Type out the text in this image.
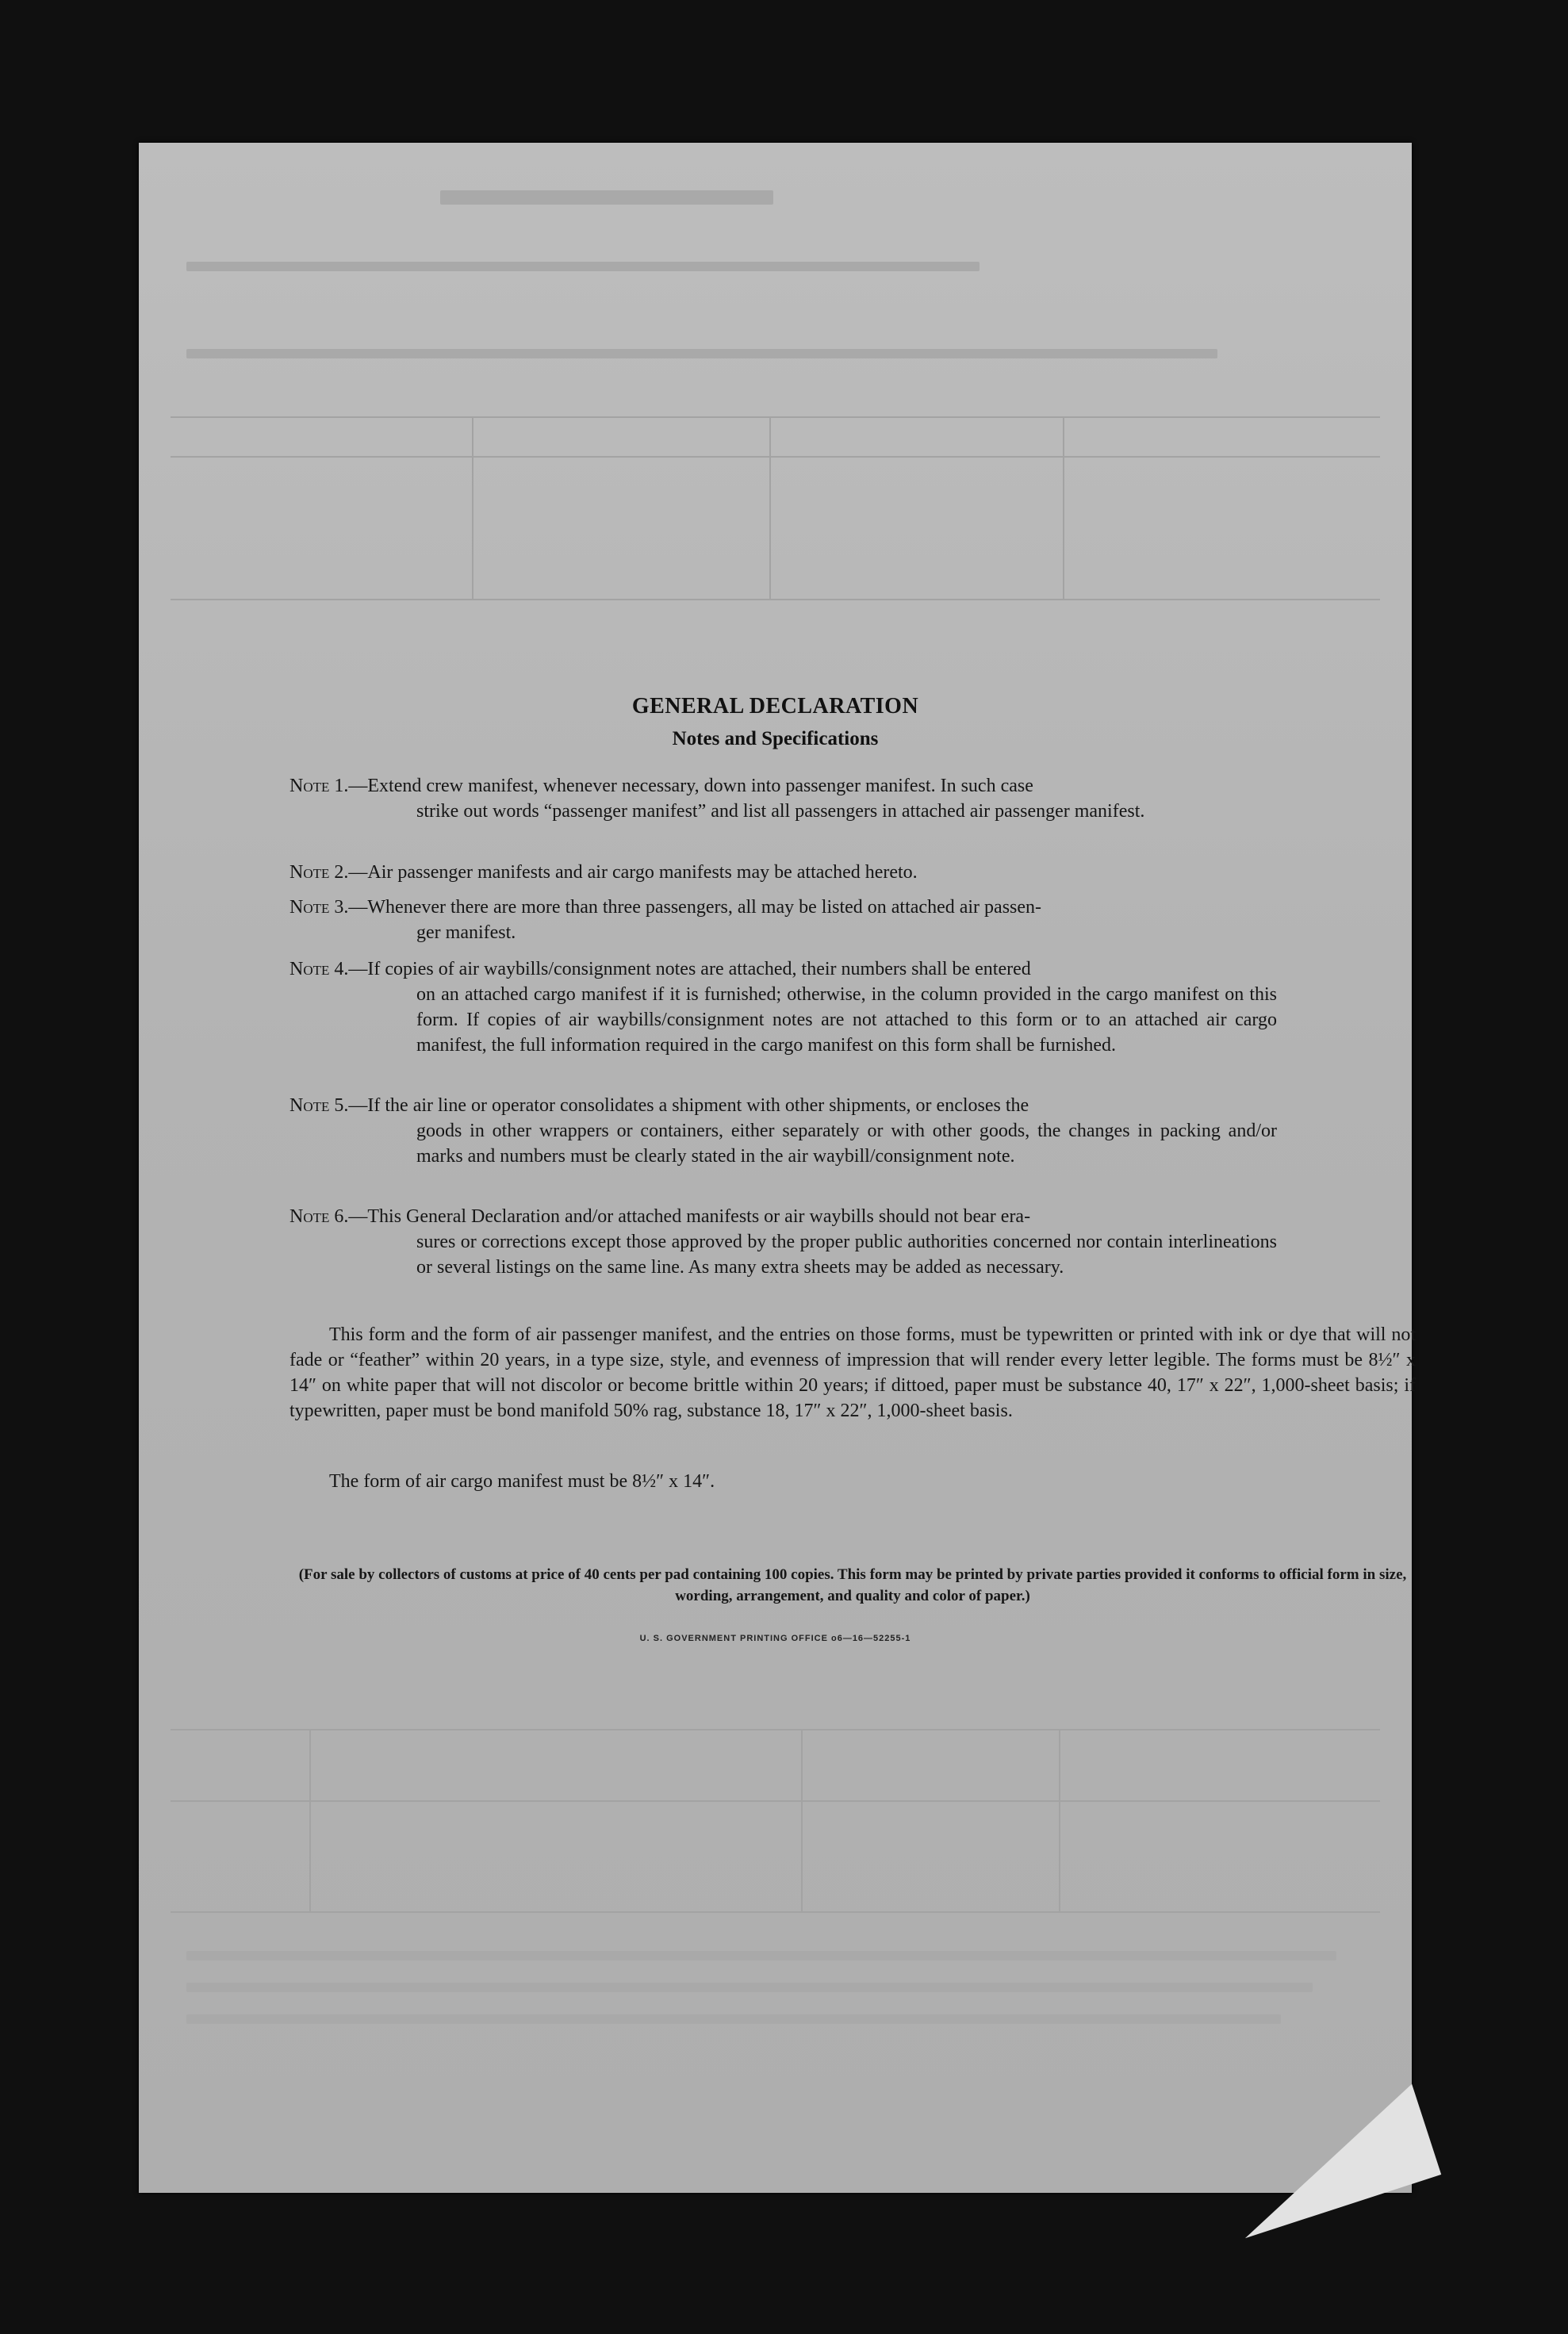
GENERAL DECLARATION
Notes and Specifications
Note 1.—Extend crew manifest, whenever necessary, down into passenger manifest. In such case
strike out words “passenger manifest” and list all passengers in attached air passenger manifest.
Note 2.—Air passenger manifests and air cargo manifests may be attached hereto.
Note 3.—Whenever there are more than three passengers, all may be listed on attached air passen-
ger manifest.
Note 4.—If copies of air waybills/consignment notes are attached, their numbers shall be entered
on an attached cargo manifest if it is furnished; otherwise, in the column provided in the cargo manifest on this form. If copies of air waybills/consignment notes are not attached to this form or to an attached air cargo manifest, the full information required in the cargo manifest on this form shall be furnished.
Note 5.—If the air line or operator consolidates a shipment with other shipments, or encloses the
goods in other wrappers or containers, either separately or with other goods, the changes in packing and/or marks and numbers must be clearly stated in the air waybill/consignment note.
Note 6.—This General Declaration and/or attached manifests or air waybills should not bear era-
sures or corrections except those approved by the proper public authorities concerned nor contain interlineations or several listings on the same line. As many extra sheets may be added as necessary.
This form and the form of air passenger manifest, and the entries on those forms, must be typewritten or printed with ink or dye that will not fade or “feather” within 20 years, in a type size, style, and evenness of impression that will render every letter legible. The forms must be 8½″ x 14″ on white paper that will not discolor or become brittle within 20 years; if dittoed, paper must be substance 40, 17″ x 22″, 1,000-sheet basis; if typewritten, paper must be bond manifold 50% rag, substance 18, 17″ x 22″, 1,000-sheet basis.
The form of air cargo manifest must be 8½″ x 14″.
(For sale by collectors of customs at price of 40 cents per pad containing 100 copies. This form may be printed by private parties provided it conforms to official form in size, wording, arrangement, and quality and color of paper.)
U. S. GOVERNMENT PRINTING OFFICE o6—16—52255-1
